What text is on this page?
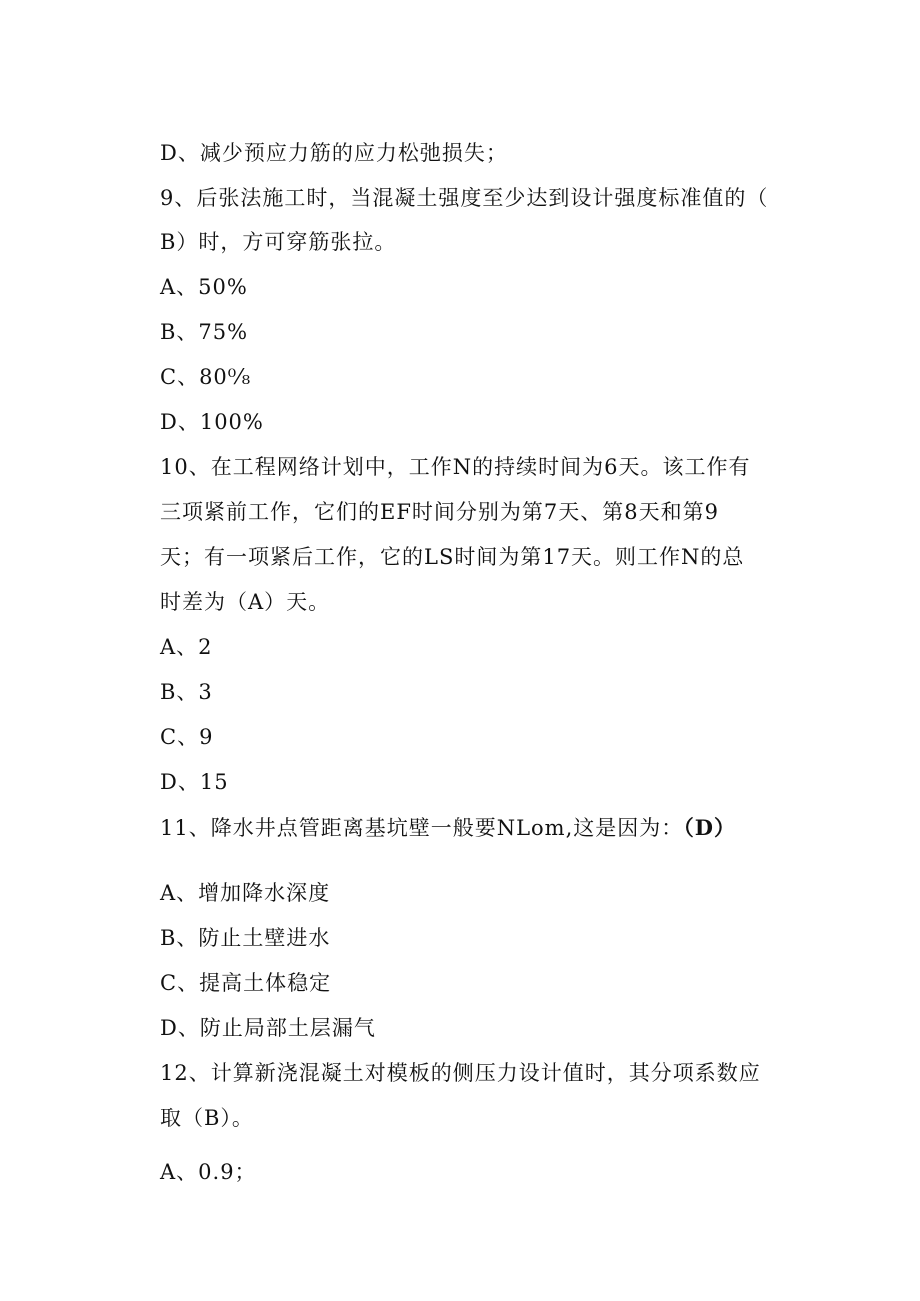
D、减少预应力筋的应力松弛损失；
9、后张法施工时，当混凝土强度至少达到设计强度标准值的（
B）时，方可穿筋张拉。
A、50%
B、75%
C、80⁰⁄₈
D、100%
10、在工程网络计划中，工作N的持续时间为6天。该工作有
三项紧前工作，它们的EF时间分别为第7天、第8天和第9
天；有一项紧后工作，它的LS时间为第17天。则工作N的总
时差为（A）天。
A、2
B、3
C、9
D、15
11、降水井点管距离基坑壁一般要NLom,这是因为：（D）
A、增加降水深度
B、防止土壁进水
C、提高土体稳定
D、防止局部土层漏气
12、计算新浇混凝土对模板的侧压力设计值时，其分项系数应
取（B）。
A、0.9；
